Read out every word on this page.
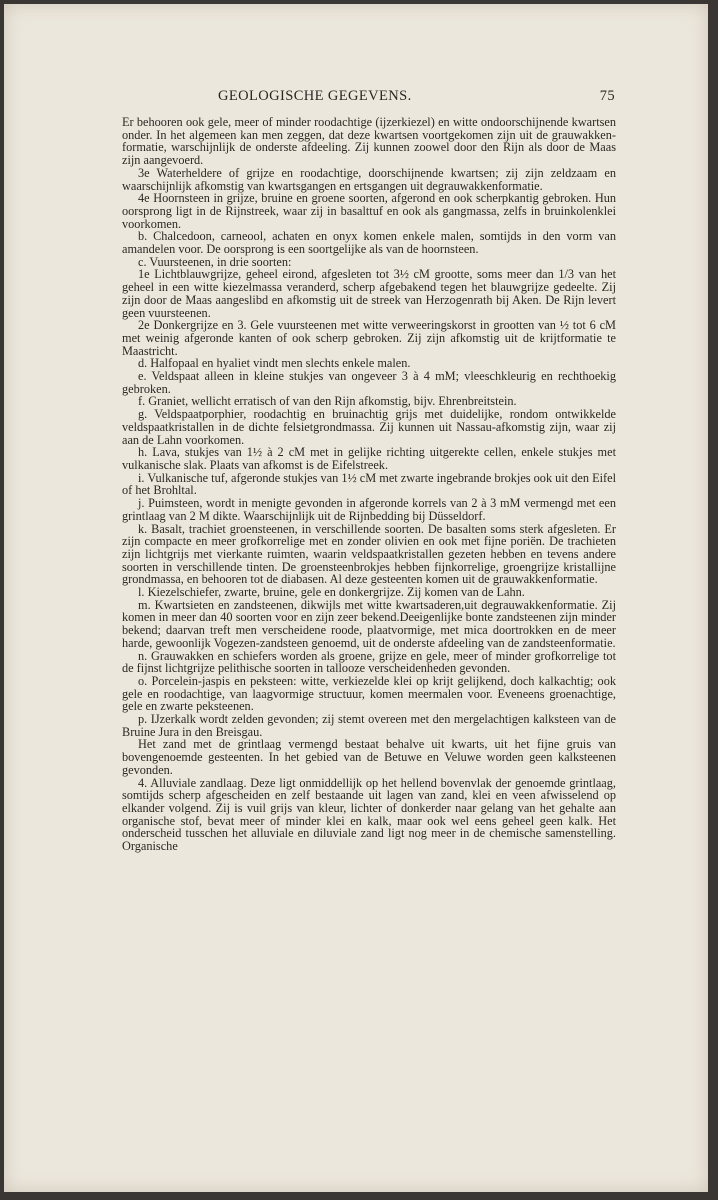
GEOLOGISCHE GEGEVENS.	75

Er behooren ook gele, meer of minder roodachtige (ijzerkiezel) en witte ondoorschijnende kwartsen onder. In het algemeen kan men zeggen, dat deze kwartsen voortgekomen zijn uit de grauwakken-formatie, warschijnlijk de onderste afdeeling. Zij kunnen zoowel door den Rijn als door de Maas zijn aangevoerd.

3e Waterheldere of grijze en roodachtige, doorschijnende kwartsen; zij zijn zeldzaam en waarschijnlijk afkomstig van kwartsgangen en ertsgangen uit degrauwakkenformatie.

4e Hoornsteen in grijze, bruine en groene soorten, afgerond en ook scherpkantig gebroken. Hun oorsprong ligt in de Rijnstreek, waar zij in basalttuf en ook als gangmassa, zelfs in bruinkolenklei voorkomen.

b. Chalcedoon, carneool, achaten en onyx komen enkele malen, somtijds in den vorm van amandelen voor. De oorsprong is een soortgelijke als van de hoornsteen.

c. Vuursteenen, in drie soorten:

1e Lichtblauwgrijze, geheel eirond, afgesleten tot 3½ cM grootte, soms meer dan 1/3 van het geheel in een witte kiezelmassa veranderd, scherp afgebakend tegen het blauwgrijze gedeelte. Zij zijn door de Maas aangeslibd en afkomstig uit de streek van Herzogenrath bij Aken. De Rijn levert geen vuursteenen.

2e Donkergrijze en 3. Gele vuursteenen met witte verweeringskorst in grootten van ½ tot 6 cM met weinig afgeronde kanten of ook scherp gebroken. Zij zijn afkomstig uit de krijtformatie te Maastricht.

d. Halfopaal en hyaliet vindt men slechts enkele malen.

e. Veldspaat alleen in kleine stukjes van ongeveer 3 à 4 mM; vleeschkleurig en rechthoekig gebroken.

f. Graniet, wellicht erratisch of van den Rijn afkomstig, bijv. Ehrenbreitstein.

g. Veldspaatporphier, roodachtig en bruinachtig grijs met duidelijke, rondom ontwikkelde veldspaatkristallen in de dichte felsietgrondmassa. Zij kunnen uit Nassau-afkomstig zijn, waar zij aan de Lahn voorkomen.

h. Lava, stukjes van 1½ à 2 cM met in gelijke richting uitgerekte cellen, enkele stukjes met vulkanische slak. Plaats van afkomst is de Eifelstreek.

i. Vulkanische tuf, afgeronde stukjes van 1½ cM met zwarte ingebrande brokjes ook uit den Eifel of het Brohltal.

j. Puimsteen, wordt in menigte gevonden in afgeronde korrels van 2 à 3 mM vermengd met een grintlaag van 2 M dikte. Waarschijnlijk uit de Rijnbedding bij Düsseldorf.

k. Basalt, trachiet groensteenen, in verschillende soorten. De basalten soms sterk afgesleten. Er zijn compacte en meer grofkorrelige met en zonder olivien en ook met fijne poriën. De trachieten zijn lichtgrijs met vierkante ruimten, waarin veldspaatkristallen gezeten hebben en tevens andere soorten in verschillende tinten. De groensteenbrokjes hebben fijnkorrelige, groengrijze kristallijne grondmassa, en behooren tot de diabasen. Al deze gesteenten komen uit de grauwakkenformatie.

l. Kiezelschiefer, zwarte, bruine, gele en donkergrijze. Zij komen van de Lahn.

m. Kwartsieten en zandsteenen, dikwijls met witte kwartsaderen,uit degrauwakkenformatie. Zij komen in meer dan 40 soorten voor en zijn zeer bekend.Deeigenlijke bonte zandsteenen zijn minder bekend; daarvan treft men verscheidene roode, plaatvormige, met mica doortrokken en de meer harde, gewoonlijk Vogezen-zandsteen genoemd, uit de onderste afdeeling van de zandsteenformatie.

n. Grauwakken en schiefers worden als groene, grijze en gele, meer of minder grofkorrelige tot de fijnst lichtgrijze pelithische soorten in tallooze verscheidenheden gevonden.

o. Porcelein-jaspis en peksteen: witte, verkiezelde klei op krijt gelijkend, doch kalkachtig; ook gele en roodachtige, van laagvormige structuur, komen meermalen voor. Eveneens groenachtige, gele en zwarte peksteenen.

p. IJzerkalk wordt zelden gevonden; zij stemt overeen met den mergelachtigen kalksteen van de Bruine Jura in den Breisgau.

Het zand met de grintlaag vermengd bestaat behalve uit kwarts, uit het fijne gruis van bovengenoemde gesteenten. In het gebied van de Betuwe en Veluwe worden geen kalksteenen gevonden.

4. Alluviale zandlaag. Deze ligt onmiddellijk op het hellend bovenvlak der genoemde grintlaag, somtijds scherp afgescheiden en zelf bestaande uit lagen van zand, klei en veen afwisselend op elkander volgend. Zij is vuil grijs van kleur, lichter of donkerder naar gelang van het gehalte aan organische stof, bevat meer of minder klei en kalk, maar ook wel eens geheel geen kalk. Het onderscheid tusschen het alluviale en diluviale zand ligt nog meer in de chemische samenstelling. Organische
